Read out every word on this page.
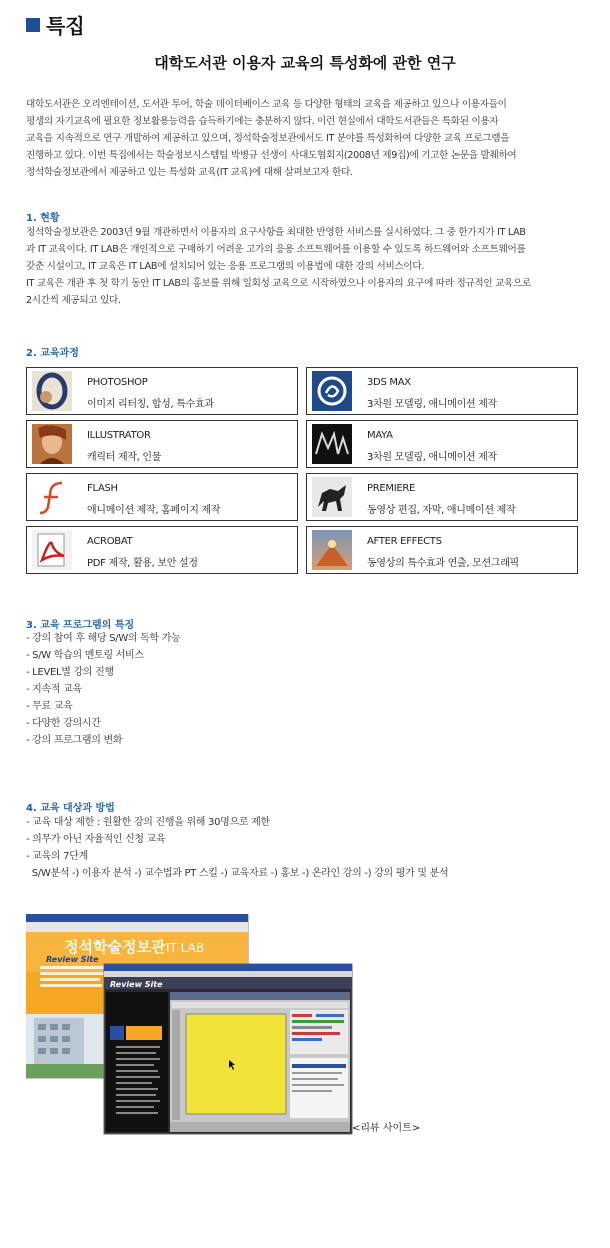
특집
대학도서관 이용자 교육의 특성화에 관한 연구

대학도서관은 오리엔테이션, 도서관 투어, 학술 데이터베이스 교육 등 다양한 형태의 교육을 제공하고 있으나 이용자들이

평생의 자기교육에 필요한 정보활용능력을 습득하기에는 충분하지 않다. 이런 현실에서 대학도서관들은 특화된 이용자

교육을 지속적으로 연구 개발하여 제공하고 있으며, 정석학술정보관에서도 IT 분야를 특성화하여 다양한 교육 프로그램을

진행하고 있다. 이번 특집에서는 학술정보시스템팀 박병규 선생이 사대도협회지(2008년 제9집)에 기고한 논문을 발췌하여

정석학술정보관에서 제공하고 있는 특성화 교육(IT 교육)에 대해 살펴보고자 한다.

1. 현황

정석학술정보관은 2003년 9월 개관하면서 이용자의 요구사항을 최대한 반영한 서비스를 실시하였다. 그 중 한가지가 IT LAB

과 IT 교육이다. IT LAB은 개인적으로 구매하기 어려운 고가의 응용 소프트웨어를 이용할 수 있도록 하드웨어와 소프트웨어를

갖춘 시설이고, IT 교육은 IT LAB에 설치되어 있는 응용 프로그램의 이용법에 대한 강의 서비스이다.

IT 교육은 개관 후 첫 학기 동안 IT LAB의 홍보를 위해 일회성 교육으로 시작하였으나 이용자의 요구에 따라 정규적인 교육으로

2시간씩 제공되고 있다.

2. 교육과정
PHOTOSHOP
이미지 리터칭, 합성, 특수효과
3DS MAX
3차원 모델링, 애니메이션 제작
ILLUSTRATOR
캐릭터 제작, 인물
MAYA
3차원 모델링, 애니메이션 제작
FLASH
애니메이션 제작, 홈페이지 제작
PREMIERE
동영상 편집, 자막, 애니메이션 제작
ACROBAT
PDF 제작, 활용, 보안 설정
AFTER EFFECTS
동영상의 특수효과 연출, 모션그래픽
3. 교육 프로그램의 특징
- 강의 참여 후 해당 S/W의 독학 가능
- S/W 학습의 멘토링 서비스
- LEVEL별 강의 진행
- 지속적 교육
- 무료 교육
- 다양한 강의시간
- 강의 프로그램의 변화
4. 교육 대상과 방법
- 교육 대상 제한 : 원활한 강의 진행을 위해 30명으로 제한
- 의무가 아닌 자율적인 신청 교육
- 교육의 7단계
S/W분석 -) 이용자 분석 -) 교수법과 PT 스킬 -) 교육자료 -) 홍보 -) 온라인 강의 -) 강의 평가 및 분석
정석학술정보관 IT LAB
Review Site
Review Site
<리뷰 사이트>
